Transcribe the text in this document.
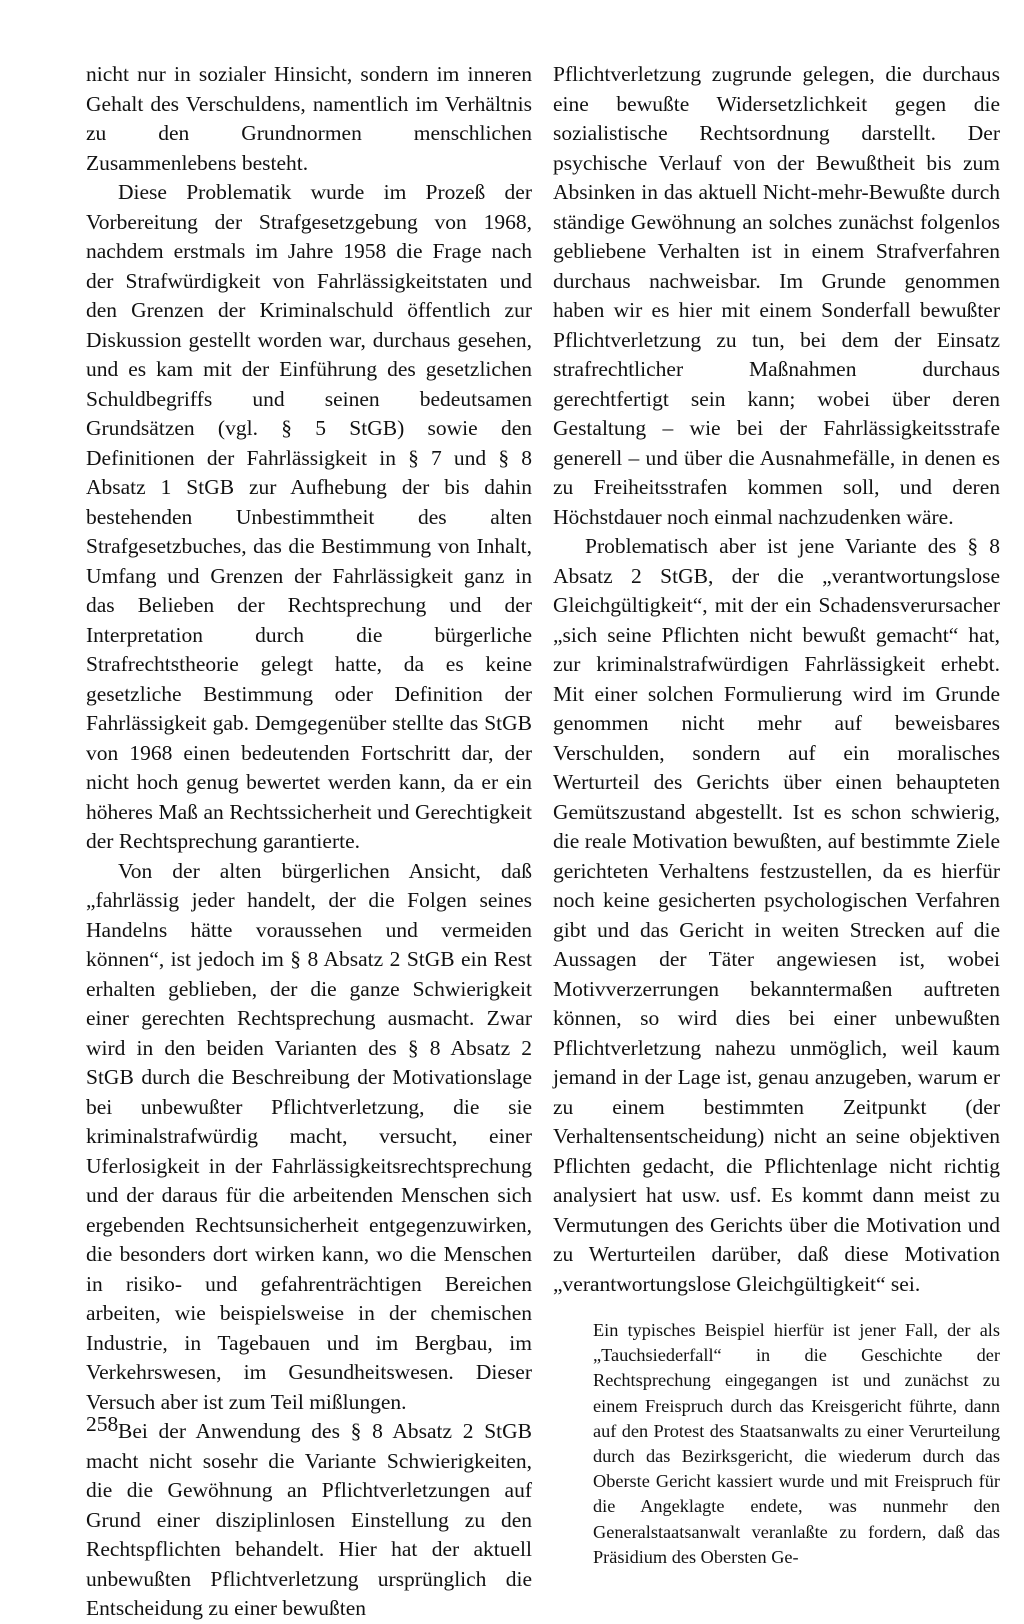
nicht nur in sozialer Hinsicht, sondern im inneren Gehalt des Verschuldens, namentlich im Verhältnis zu den Grundnormen menschlichen Zusammenlebens besteht.

Diese Problematik wurde im Prozeß der Vorbereitung der Strafgesetzgebung von 1968, nachdem erstmals im Jahre 1958 die Frage nach der Strafwürdigkeit von Fahrlässigkeitstaten und den Grenzen der Kriminalschuld öffentlich zur Diskussion gestellt worden war, durchaus gesehen, und es kam mit der Einführung des gesetzlichen Schuldbegriffs und seinen bedeutsamen Grundsätzen (vgl. § 5 StGB) sowie den Definitionen der Fahrlässigkeit in § 7 und § 8 Absatz 1 StGB zur Aufhebung der bis dahin bestehenden Unbestimmtheit des alten Strafgesetzbuches, das die Bestimmung von Inhalt, Umfang und Grenzen der Fahrlässigkeit ganz in das Belieben der Rechtsprechung und der Interpretation durch die bürgerliche Strafrechtstheorie gelegt hatte, da es keine gesetzliche Bestimmung oder Definition der Fahrlässigkeit gab. Demgegenüber stellte das StGB von 1968 einen bedeutenden Fortschritt dar, der nicht hoch genug bewertet werden kann, da er ein höheres Maß an Rechtssicherheit und Gerechtigkeit der Rechtsprechung garantierte.

Von der alten bürgerlichen Ansicht, daß „fahrlässig jeder handelt, der die Folgen seines Handelns hätte voraussehen und vermeiden können“, ist jedoch im § 8 Absatz 2 StGB ein Rest erhalten geblieben, der die ganze Schwierigkeit einer gerechten Rechtsprechung ausmacht. Zwar wird in den beiden Varianten des § 8 Absatz 2 StGB durch die Beschreibung der Motivationslage bei unbewußter Pflichtverletzung, die sie kriminalstrafwürdig macht, versucht, einer Uferlosigkeit in der Fahrlässigkeitsrechtsprechung und der daraus für die arbeitenden Menschen sich ergebenden Rechtsunsicherheit entgegenzuwirken, die besonders dort wirken kann, wo die Menschen in risiko- und gefahrenträchtigen Bereichen arbeiten, wie beispielsweise in der chemischen Industrie, in Tagebauen und im Bergbau, im Verkehrswesen, im Gesundheitswesen. Dieser Versuch aber ist zum Teil mißlungen.

Bei der Anwendung des § 8 Absatz 2 StGB macht nicht sosehr die Variante Schwierigkeiten, die die Gewöhnung an Pflichtverletzungen auf Grund einer disziplinlosen Einstellung zu den Rechtspflichten behandelt. Hier hat der aktuell unbewußten Pflichtverletzung ursprünglich die Entscheidung zu einer bewußten

Pflichtverletzung zugrunde gelegen, die durchaus eine bewußte Widersetzlichkeit gegen die sozialistische Rechtsordnung darstellt. Der psychische Verlauf von der Bewußtheit bis zum Absinken in das aktuell Nicht-mehr-Bewußte durch ständige Gewöhnung an solches zunächst folgenlos gebliebene Verhalten ist in einem Strafverfahren durchaus nachweisbar. Im Grunde genommen haben wir es hier mit einem Sonderfall bewußter Pflichtverletzung zu tun, bei dem der Einsatz strafrechtlicher Maßnahmen durchaus gerechtfertigt sein kann; wobei über deren Gestaltung – wie bei der Fahrlässigkeitsstrafe generell – und über die Ausnahmefälle, in denen es zu Freiheitsstrafen kommen soll, und deren Höchstdauer noch einmal nachzudenken wäre.

Problematisch aber ist jene Variante des § 8 Absatz 2 StGB, der die „verantwortungslose Gleichgültigkeit“, mit der ein Schadensverursacher „sich seine Pflichten nicht bewußt gemacht“ hat, zur kriminalstrafwürdigen Fahrlässigkeit erhebt. Mit einer solchen Formulierung wird im Grunde genommen nicht mehr auf beweisbares Verschulden, sondern auf ein moralisches Werturteil des Gerichts über einen behaupteten Gemütszustand abgestellt. Ist es schon schwierig, die reale Motivation bewußten, auf bestimmte Ziele gerichteten Verhaltens festzustellen, da es hierfür noch keine gesicherten psychologischen Verfahren gibt und das Gericht in weiten Strecken auf die Aussagen der Täter angewiesen ist, wobei Motivverzerrungen bekanntermaßen auftreten können, so wird dies bei einer unbewußten Pflichtverletzung nahezu unmöglich, weil kaum jemand in der Lage ist, genau anzugeben, warum er zu einem bestimmten Zeitpunkt (der Verhaltensentscheidung) nicht an seine objektiven Pflichten gedacht, die Pflichtenlage nicht richtig analysiert hat usw. usf. Es kommt dann meist zu Vermutungen des Gerichts über die Motivation und zu Werturteilen darüber, daß diese Motivation „verantwortungslose Gleichgültigkeit“ sei.

Ein typisches Beispiel hierfür ist jener Fall, der als „Tauchsiederfall“ in die Geschichte der Rechtsprechung eingegangen ist und zunächst zu einem Freispruch durch das Kreisgericht führte, dann auf den Protest des Staatsanwalts zu einer Verurteilung durch das Bezirksgericht, die wiederum durch das Oberste Gericht kassiert wurde und mit Freispruch für die Angeklagte endete, was nunmehr den Generalstaatsanwalt veranlaßte zu fordern, daß das Präsidium des Obersten Ge-

258
